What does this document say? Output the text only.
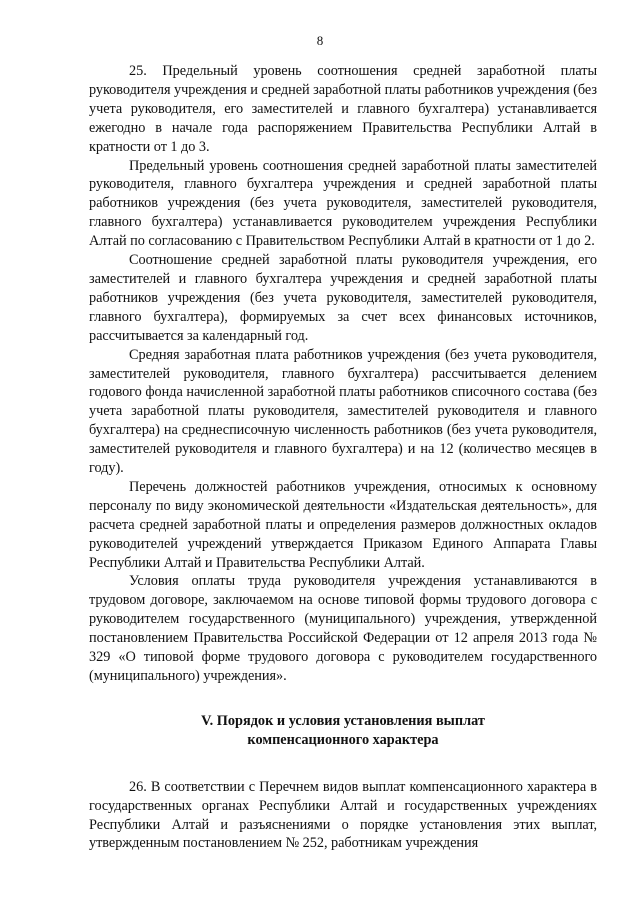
8

25. Предельный уровень соотношения средней заработной платы руководителя учреждения и средней заработной платы работников учреждения (без учета руководителя, его заместителей и главного бухгалтера) устанавливается ежегодно в начале года распоряжением Правительства Республики Алтай в кратности от 1 до 3.

Предельный уровень соотношения средней заработной платы заместителей руководителя, главного бухгалтера учреждения и средней заработной платы работников учреждения (без учета руководителя, заместителей руководителя, главного бухгалтера) устанавливается руководителем учреждения Республики Алтай по согласованию с Правительством Республики Алтай в кратности от 1 до 2.

Соотношение средней заработной платы руководителя учреждения, его заместителей и главного бухгалтера учреждения и средней заработной платы работников учреждения (без учета руководителя, заместителей руководителя, главного бухгалтера), формируемых за счет всех финансовых источников, рассчитывается за календарный год.

Средняя заработная плата работников учреждения (без учета руководителя, заместителей руководителя, главного бухгалтера) рассчитывается делением годового фонда начисленной заработной платы работников списочного состава (без учета заработной платы руководителя, заместителей руководителя и главного бухгалтера) на среднесписочную численность работников (без учета руководителя, заместителей руководителя и главного бухгалтера) и на 12 (количество месяцев в году).

Перечень должностей работников учреждения, относимых к основному персоналу по виду экономической деятельности «Издательская деятельность», для расчета средней заработной платы и определения размеров должностных окладов руководителей учреждений утверждается Приказом Единого Аппарата Главы Республики Алтай и Правительства Республики Алтай.

Условия оплаты труда руководителя учреждения устанавливаются в трудовом договоре, заключаемом на основе типовой формы трудового договора с руководителем государственного (муниципального) учреждения, утвержденной постановлением Правительства Российской Федерации от 12 апреля 2013 года № 329 «О типовой форме трудового договора с руководителем государственного (муниципального) учреждения».

V. Порядок и условия установления выплат
компенсационного характера

26. В соответствии с Перечнем видов выплат компенсационного характера в государственных органах Республики Алтай и государственных учреждениях Республики Алтай и разъяснениями о порядке установления этих выплат, утвержденным постановлением № 252, работникам учреждения
